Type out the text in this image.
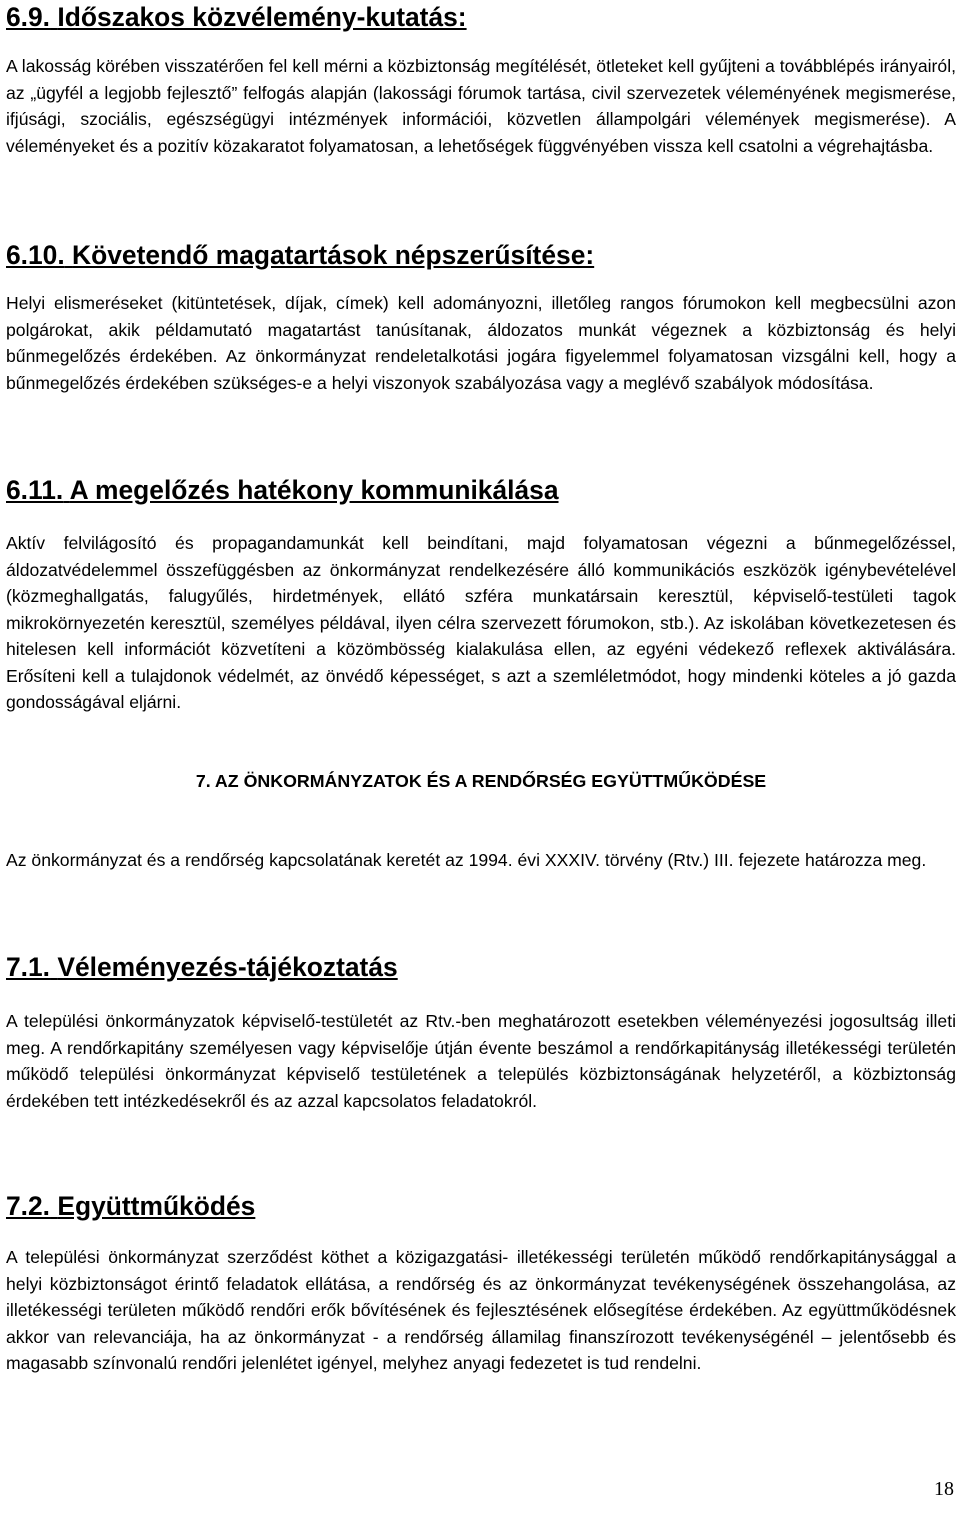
6.9. Időszakos közvélemény-kutatás:

A lakosság körében visszatérően fel kell mérni a közbiztonság megítélését, ötleteket kell gyűjteni a továbblépés irányairól, az „ügyfél a legjobb fejlesztő” felfogás alapján (lakossági fórumok tartása, civil szervezetek véleményének megismerése, ifjúsági, szociális, egészségügyi intézmények információi, közvetlen állampolgári vélemények megismerése). A véleményeket és a pozitív közakaratot folyamatosan, a lehetőségek függvényében vissza kell csatolni a végrehajtásba.

6.10. Követendő magatartások népszerűsítése:

Helyi elismeréseket (kitüntetések, díjak, címek) kell adományozni, illetőleg rangos fórumokon kell megbecsülni azon polgárokat, akik példamutató magatartást tanúsítanak, áldozatos munkát végeznek a közbiztonság és helyi bűnmegelőzés érdekében. Az önkormányzat rendeletalkotási jogára figyelemmel folyamatosan vizsgálni kell, hogy a bűnmegelőzés érdekében szükséges-e a helyi viszonyok szabályozása vagy a meglévő szabályok módosítása.

6.11. A megelőzés hatékony kommunikálása

Aktív felvilágosító és propagandamunkát kell beindítani, majd folyamatosan végezni a bűnmegelőzéssel, áldozatvédelemmel összefüggésben az önkormányzat rendelkezésére álló kommunikációs eszközök igénybevételével (közmeghallgatás, falugyűlés, hirdetmények, ellátó szféra munkatársain keresztül, képviselő-testületi tagok mikrokörnyezetén keresztül, személyes példával, ilyen célra szervezett fórumokon, stb.). Az iskolában következetesen és hitelesen kell információt közvetíteni a közömbösség kialakulása ellen, az egyéni védekező reflexek aktiválására. Erősíteni kell a tulajdonok védelmét, az önvédő képességet, s azt a szemléletmódot, hogy mindenki köteles a jó gazda gondosságával eljárni.

7. AZ ÖNKORMÁNYZATOK ÉS A RENDŐRSÉG EGYÜTTMŰKÖDÉSE

Az önkormányzat és a rendőrség kapcsolatának keretét az 1994. évi XXXIV. törvény (Rtv.) III. fejezete határozza meg.

7.1. Véleményezés-tájékoztatás

A települési önkormányzatok képviselő-testületét az Rtv.-ben meghatározott esetekben véleményezési jogosultság illeti meg. A rendőrkapitány személyesen vagy képviselője útján évente beszámol a rendőrkapitányság illetékességi területén működő települési önkormányzat képviselő testületének a település közbiztonságának helyzetéről, a közbiztonság érdekében tett intézkedésekről és az azzal kapcsolatos feladatokról.

7.2. Együttműködés

A települési önkormányzat szerződést köthet a közigazgatási- illetékességi területén működő rendőrkapitánysággal a helyi közbiztonságot érintő feladatok ellátása, a rendőrség és az önkormányzat tevékenységének összehangolása, az illetékességi területen működő rendőri erők bővítésének és fejlesztésének elősegítése érdekében. Az együttműködésnek akkor van relevanciája, ha az önkormányzat - a rendőrség államilag finanszírozott tevékenységénél – jelentősebb és magasabb színvonalú rendőri jelenlétet igényel, melyhez anyagi fedezetet is tud rendelni.

18
